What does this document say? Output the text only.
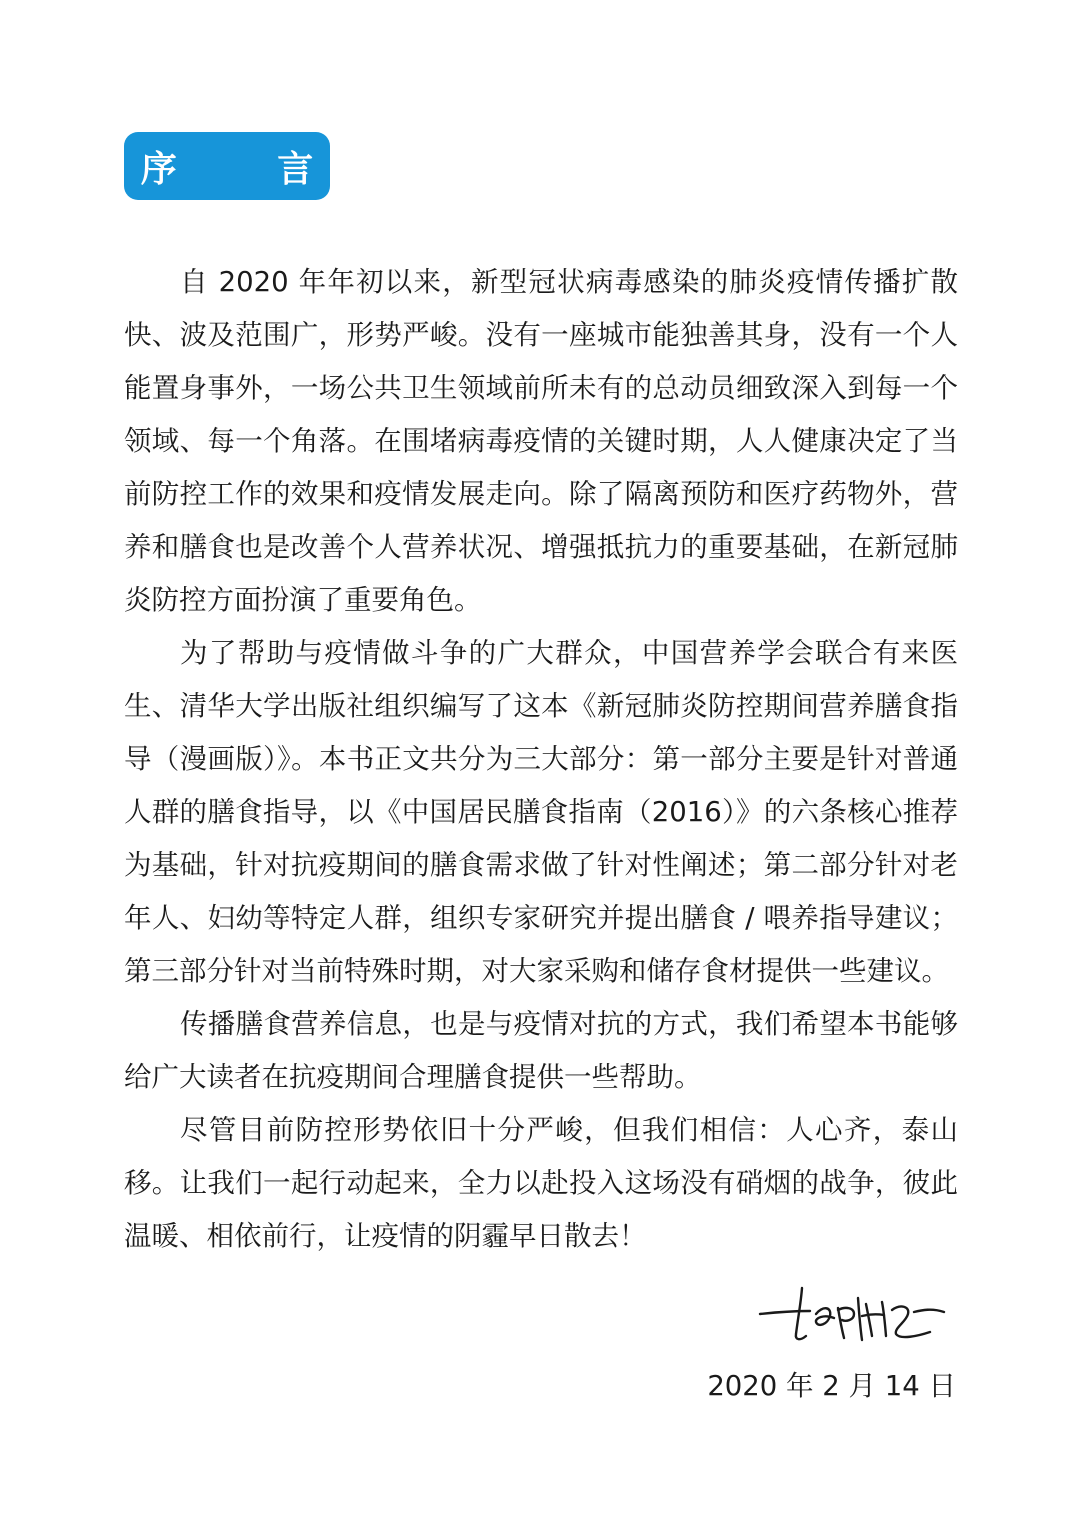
序 言

自 2020 年年初以来，新型冠状病毒感染的肺炎疫情传播扩散快、波及范围广，形势严峻。没有一座城市能独善其身，没有一个人能置身事外，一场公共卫生领域前所未有的总动员细致深入到每一个领域、每一个角落。在围堵病毒疫情的关键时期，人人健康决定了当前防控工作的效果和疫情发展走向。除了隔离预防和医疗药物外，营养和膳食也是改善个人营养状况、增强抵抗力的重要基础，在新冠肺炎防控方面扮演了重要角色。

为了帮助与疫情做斗争的广大群众，中国营养学会联合有来医生、清华大学出版社组织编写了这本《新冠肺炎防控期间营养膳食指导（漫画版）》。本书正文共分为三大部分：第一部分主要是针对普通人群的膳食指导，以《中国居民膳食指南（2016）》的六条核心推荐为基础，针对抗疫期间的膳食需求做了针对性阐述；第二部分针对老年人、妇幼等特定人群，组织专家研究并提出膳食 / 喂养指导建议；第三部分针对当前特殊时期，对大家采购和储存食材提供一些建议。

传播膳食营养信息，也是与疫情对抗的方式，我们希望本书能够给广大读者在抗疫期间合理膳食提供一些帮助。

尽管目前防控形势依旧十分严峻，但我们相信：人心齐，泰山移。让我们一起行动起来，全力以赴投入这场没有硝烟的战争，彼此温暖、相依前行，让疫情的阴霾早日散去！

2020 年 2 月 14 日
